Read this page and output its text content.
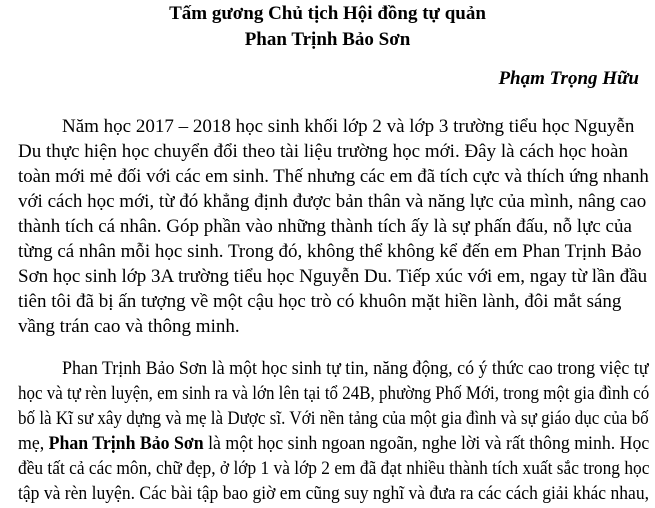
Tấm gương Chủ tịch Hội đồng tự quản
Phan Trịnh Bảo Sơn
Phạm Trọng Hữu
Năm học 2017 – 2018 học sinh khối lớp 2 và lớp 3 trường tiểu học Nguyễn
Du thực hiện học chuyển đổi theo tài liệu trường học mới. Đây là cách học hoàn
toàn mới mẻ đối với các em sinh. Thế nhưng các em đã tích cực và thích ứng nhanh
với cách học mới, từ đó khẳng định được bản thân và năng lực của mình, nâng cao
thành tích cá nhân. Góp phần vào những thành tích ấy là sự phấn đấu, nỗ lực của
từng cá nhân mỗi học sinh. Trong đó, không thể không kể đến em Phan Trịnh Bảo
Sơn học sinh lớp 3A trường tiểu học Nguyễn Du. Tiếp xúc với em, ngay từ lần đầu
tiên tôi đã bị ấn tượng về một cậu học trò có khuôn mặt hiền lành, đôi mắt sáng
vầng trán cao và thông minh.
Phan Trịnh Bảo Sơn là một học sinh tự tin, năng động, có ý thức cao trong việc tự
học và tự rèn luyện, em sinh ra và lớn lên tại tổ 24B, phường Phố Mới, trong một gia đình có
bố là Kĩ sư xây dựng và mẹ là Dược sĩ. Với nền tảng của một gia đình và sự giáo dục của bố
mẹ, Phan Trịnh Bảo Sơn là một học sinh ngoan ngoãn, nghe lời và rất thông minh. Học
đều tất cả các môn, chữ đẹp, ở lớp 1 và lớp 2 em đã đạt nhiều thành tích xuất sắc trong học
tập và rèn luyện. Các bài tập bao giờ em cũng suy nghĩ và đưa ra các cách giải khác nhau,
